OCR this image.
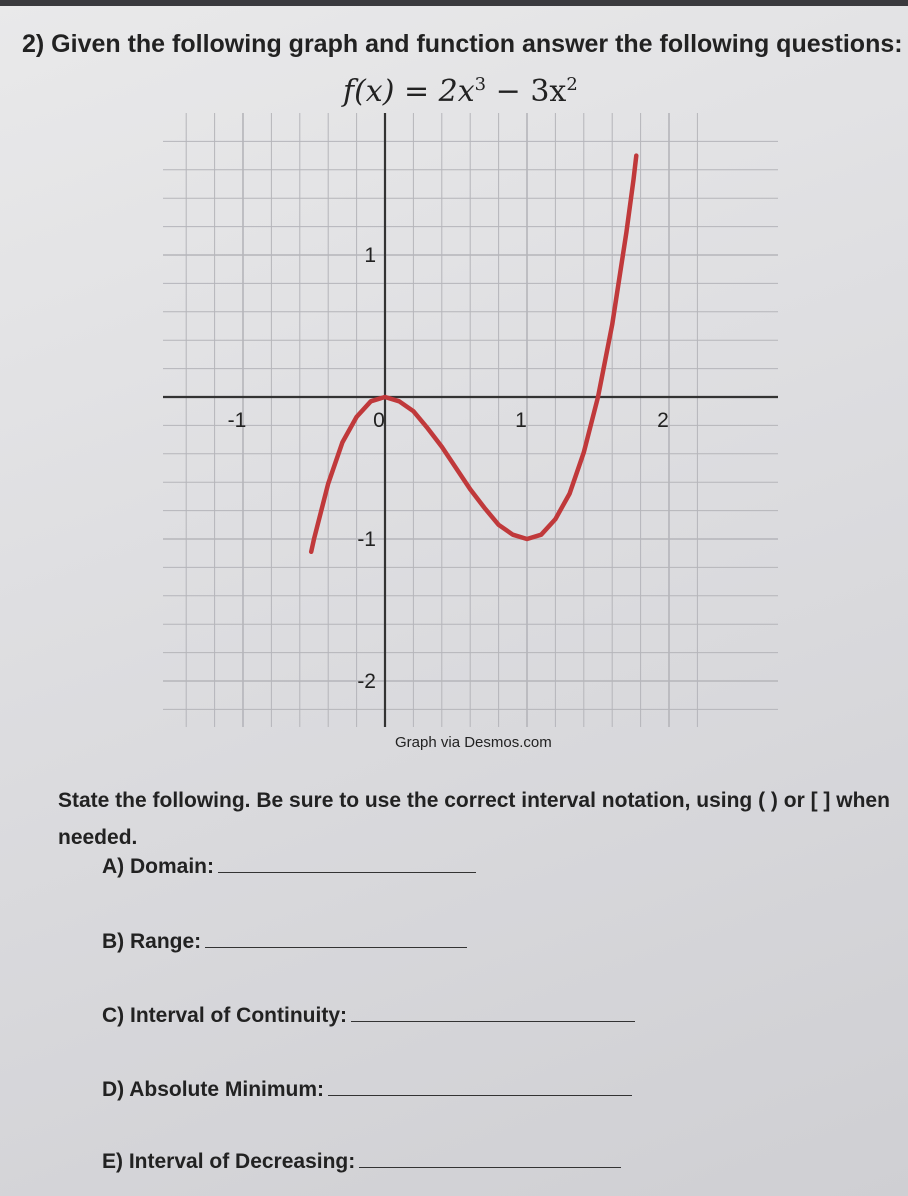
2) Given the following graph and function answer the following questions:
$f(x) = 2x^3 - 3x^2$
-1	0	1	2
1
-1
-2
Graph via Desmos.com

State the following. Be sure to use the correct interval notation, using ( ) or [ ] when needed.

A) Domain:
B) Range:
C) Interval of Continuity:
D) Absolute Minimum:
E) Interval of Decreasing:
